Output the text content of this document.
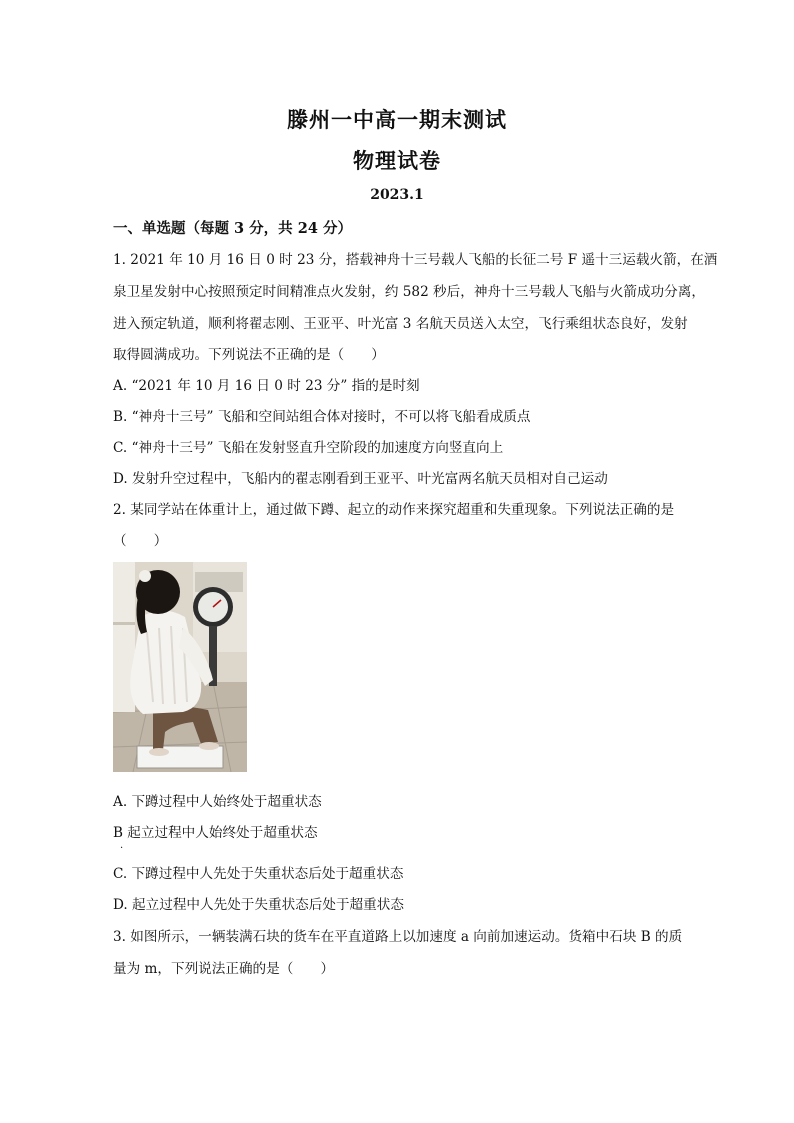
滕州一中高一期末测试
物理试卷
2023.1
一、单选题（每题 3 分，共 24 分）
1. 2021 年 10 月 16 日 0 时 23 分，搭载神舟十三号载人飞船的长征二号 F 遥十三运载火箭，在酒
泉卫星发射中心按照预定时间精准点火发射，约 582 秒后，神舟十三号载人飞船与火箭成功分离，
进入预定轨道，顺利将翟志刚、王亚平、叶光富 3 名航天员送入太空，飞行乘组状态良好，发射
取得圆满成功。下列说法不正确的是（　　）
A. “2021 年 10 月 16 日 0 时 23 分” 指的是时刻
B. “神舟十三号” 飞船和空间站组合体对接时，不可以将飞船看成质点
C. “神舟十三号” 飞船在发射竖直升空阶段的加速度方向竖直向上
D. 发射升空过程中，飞船内的翟志刚看到王亚平、叶光富两名航天员相对自己运动
2. 某同学站在体重计上，通过做下蹲、起立的动作来探究超重和失重现象。下列说法正确的是
（　　）
A. 下蹲过程中人始终处于超重状态
B 起立过程中人始终处于超重状态
.
C. 下蹲过程中人先处于失重状态后处于超重状态
D. 起立过程中人先处于失重状态后处于超重状态
3. 如图所示，一辆装满石块的货车在平直道路上以加速度 a 向前加速运动。货箱中石块 B 的质
量为 m，下列说法正确的是（　　）
